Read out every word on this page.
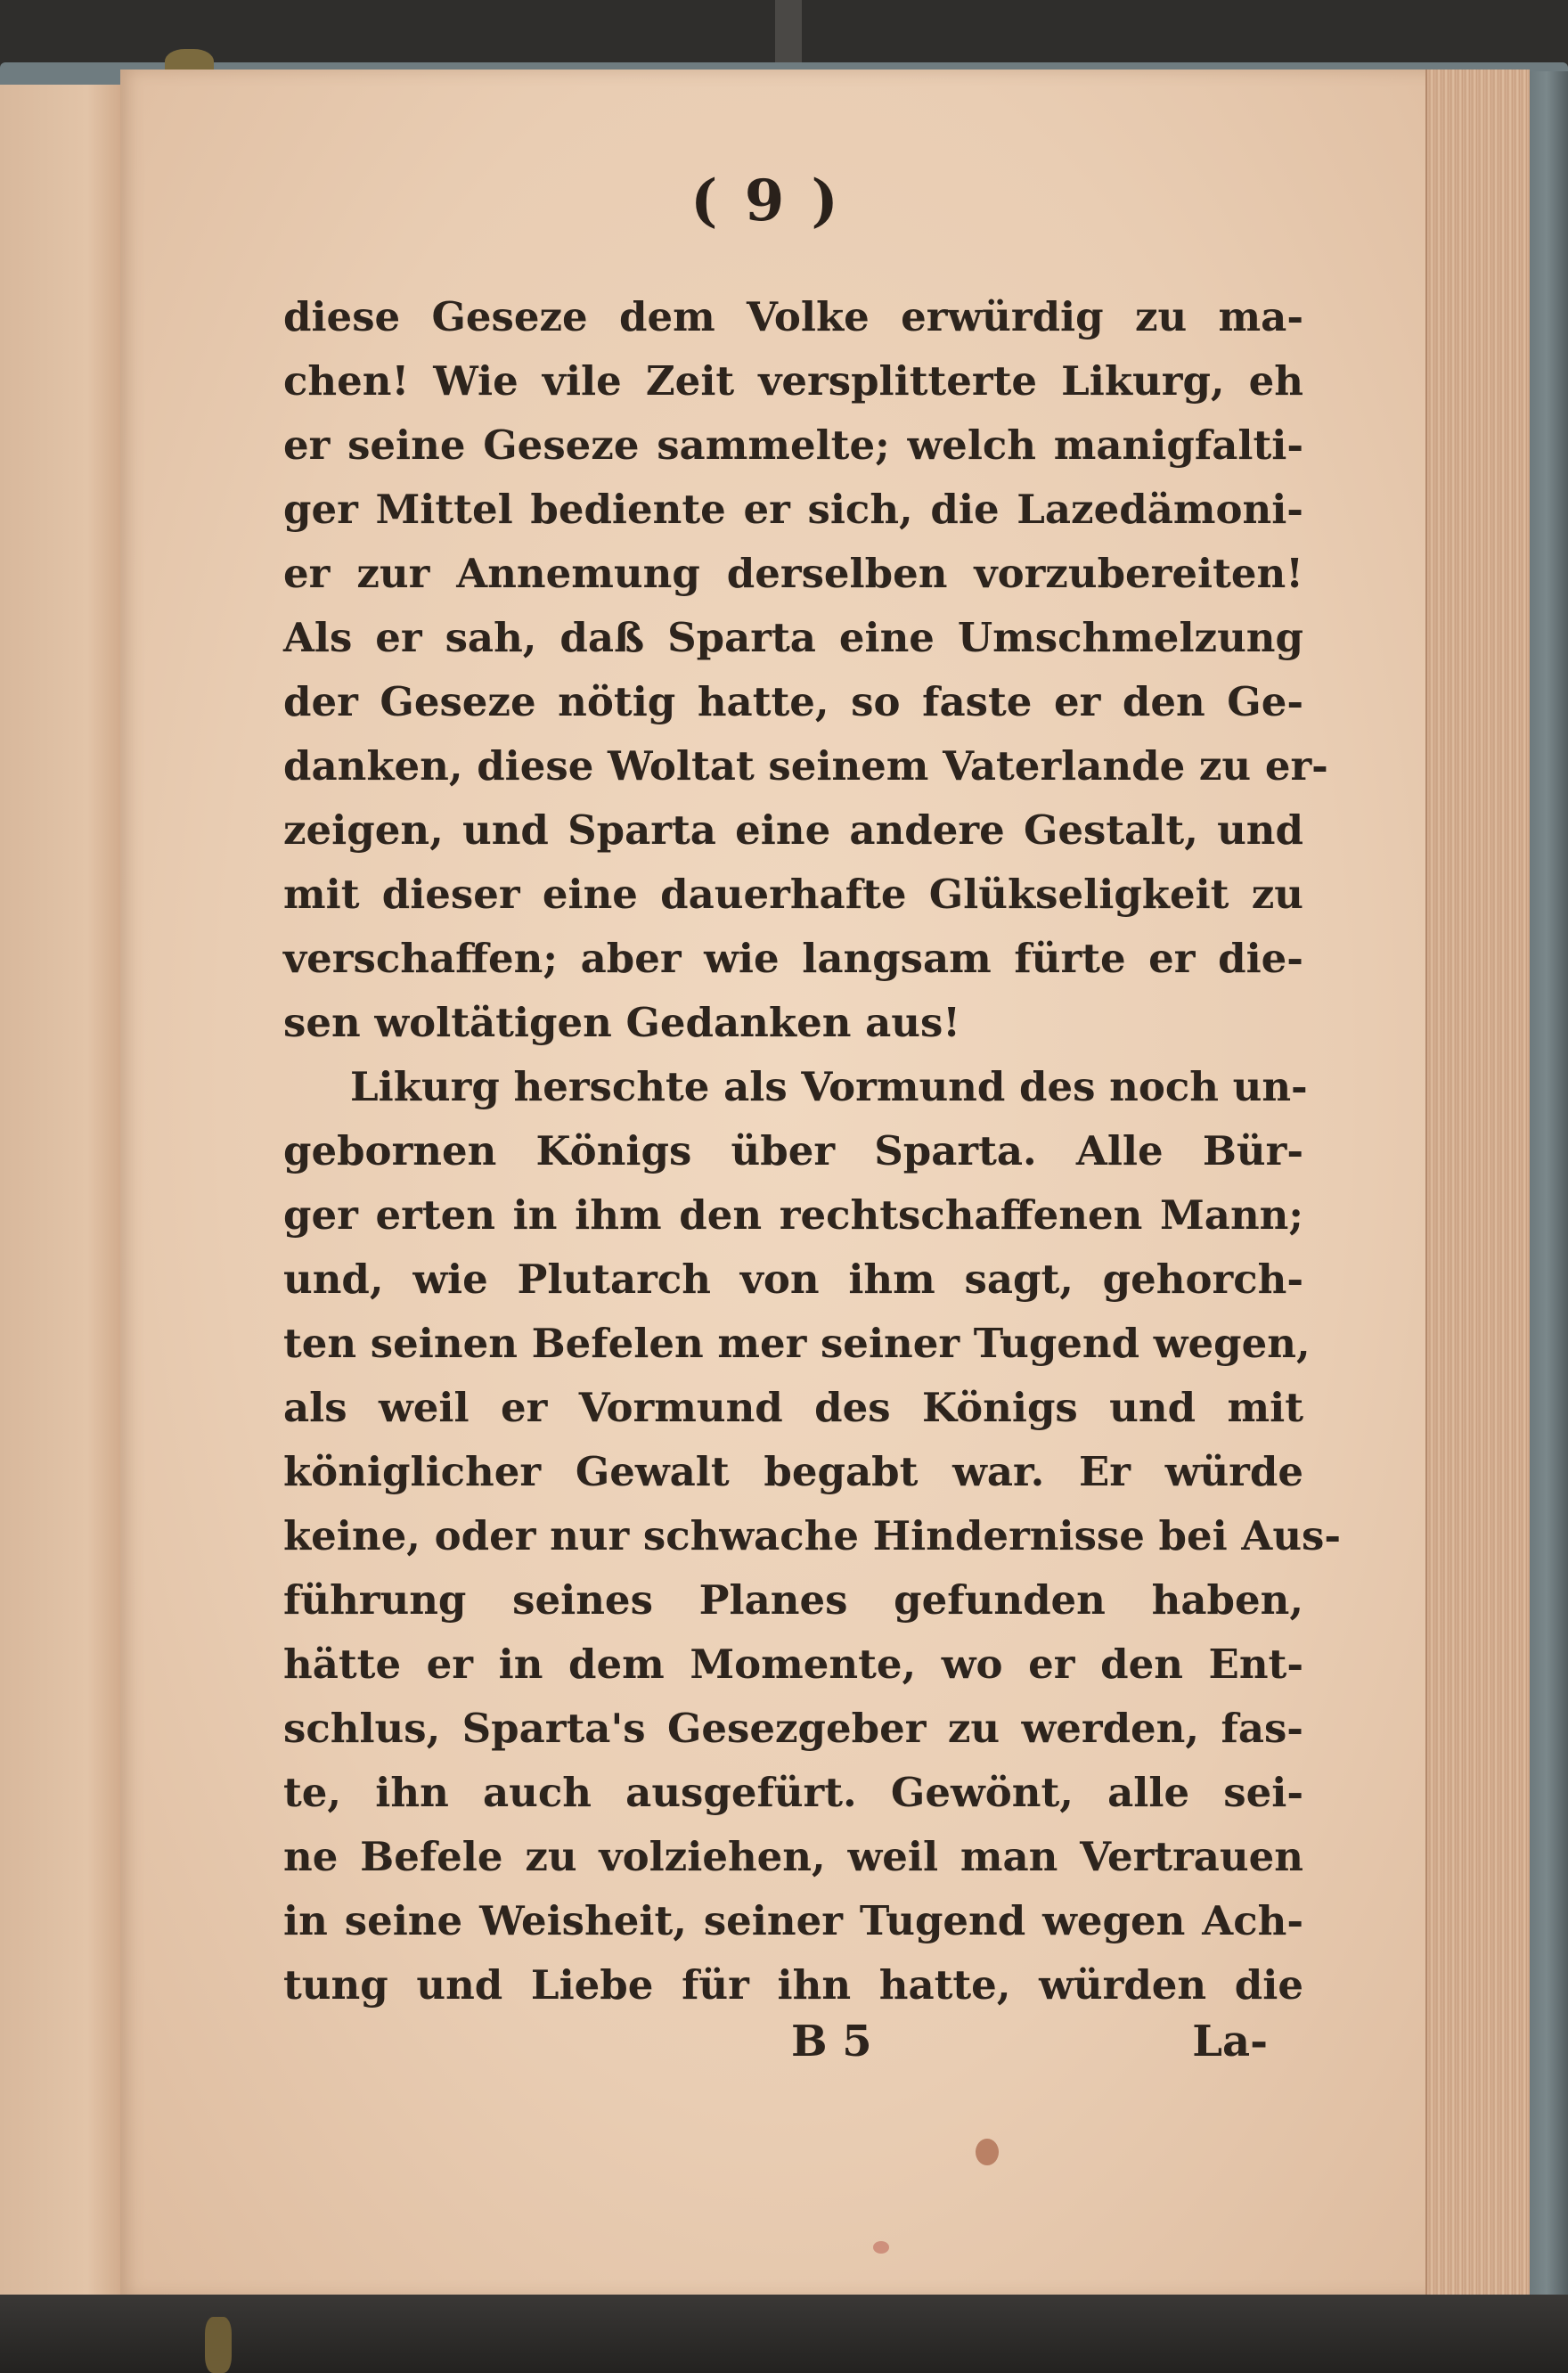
( 9 )
diese Geseze dem Volke erwürdig zu ma-
chen! Wie vile Zeit versplitterte Likurg, eh
er seine Geseze sammelte; welch manigfalti-
ger Mittel bediente er sich, die Lazedämoni-
er zur Annemung derselben vorzubereiten!
Als er sah, daß Sparta eine Umschmelzung
der Geseze nötig hatte, so faste er den Ge-
danken, diese Woltat seinem Vaterlande zu er-
zeigen, und Sparta eine andere Gestalt, und
mit dieser eine dauerhafte Glükseligkeit zu
verschaffen; aber wie langsam fürte er die-
sen woltätigen Gedanken aus!
Likurg herschte als Vormund des noch un-
gebornen Königs über Sparta. Alle Bür-
ger erten in ihm den rechtschaffenen Mann;
und, wie Plutarch von ihm sagt, gehorch-
ten seinen Befelen mer seiner Tugend wegen,
als weil er Vormund des Königs und mit
königlicher Gewalt begabt war. Er würde
keine, oder nur schwache Hindernisse bei Aus-
führung seines Planes gefunden haben,
hätte er in dem Momente, wo er den Ent-
schlus, Sparta's Gesezgeber zu werden, fas-
te, ihn auch ausgefürt. Gewönt, alle sei-
ne Befele zu volziehen, weil man Vertrauen
in seine Weisheit, seiner Tugend wegen Ach-
tung und Liebe für ihn hatte, würden die
B 5	La-
